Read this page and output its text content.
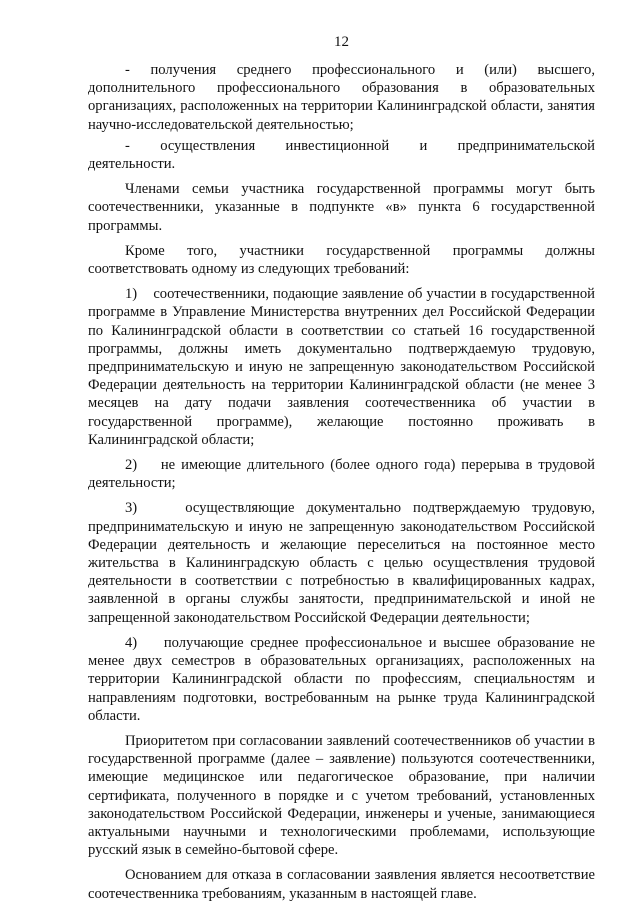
12

-    получения    среднего    профессионального    и    (или)    высшего, дополнительного профессионального образования в образовательных организациях, расположенных на территории Калининградской области, занятия научно-исследовательской деятельностью;

-    осуществления    инвестиционной    и    предпринимательской деятельности.

Членами семьи участника государственной программы могут быть соотечественники, указанные в подпункте «в» пункта 6 государственной программы.

Кроме того, участники государственной программы должны соответствовать одному из следующих требований:

1)    соотечественники, подающие заявление об участии в государственной программе в Управление Министерства внутренних дел Российской Федерации по Калининградской области в соответствии со статьей 16 государственной программы, должны иметь документально подтверждаемую трудовую, предпринимательскую и иную не запрещенную законодательством Российской Федерации деятельность на территории Калининградской области (не менее 3 месяцев на дату подачи заявления соотечественника об участии в государственной программе), желающие постоянно проживать в Калининградской области;

2)    не имеющие длительного (более одного года) перерыва в трудовой деятельности;

3)    осуществляющие документально подтверждаемую трудовую, предпринимательскую и иную не запрещенную законодательством Российской Федерации деятельность и желающие переселиться на постоянное место жительства в Калининградскую область с целью осуществления трудовой деятельности в соответствии с потребностью в квалифицированных кадрах, заявленной в органы службы занятости, предпринимательской и иной не запрещенной законодательством Российской Федерации деятельности;

4)    получающие среднее профессиональное и высшее образование не менее двух семестров в образовательных организациях, расположенных на территории Калининградской области по профессиям, специальностям и направлениям подготовки, востребованным на рынке труда Калининградской области.

Приоритетом при согласовании заявлений соотечественников об участии в государственной программе (далее – заявление) пользуются соотечественники, имеющие медицинское или педагогическое образование, при наличии сертификата, полученного в порядке и с учетом требований, установленных законодательством Российской Федерации, инженеры и ученые, занимающиеся актуальными научными и технологическими проблемами, использующие русский язык в семейно-бытовой сфере.

Основанием для отказа в согласовании заявления является несоответствие соотечественника требованиям, указанным в настоящей главе.
